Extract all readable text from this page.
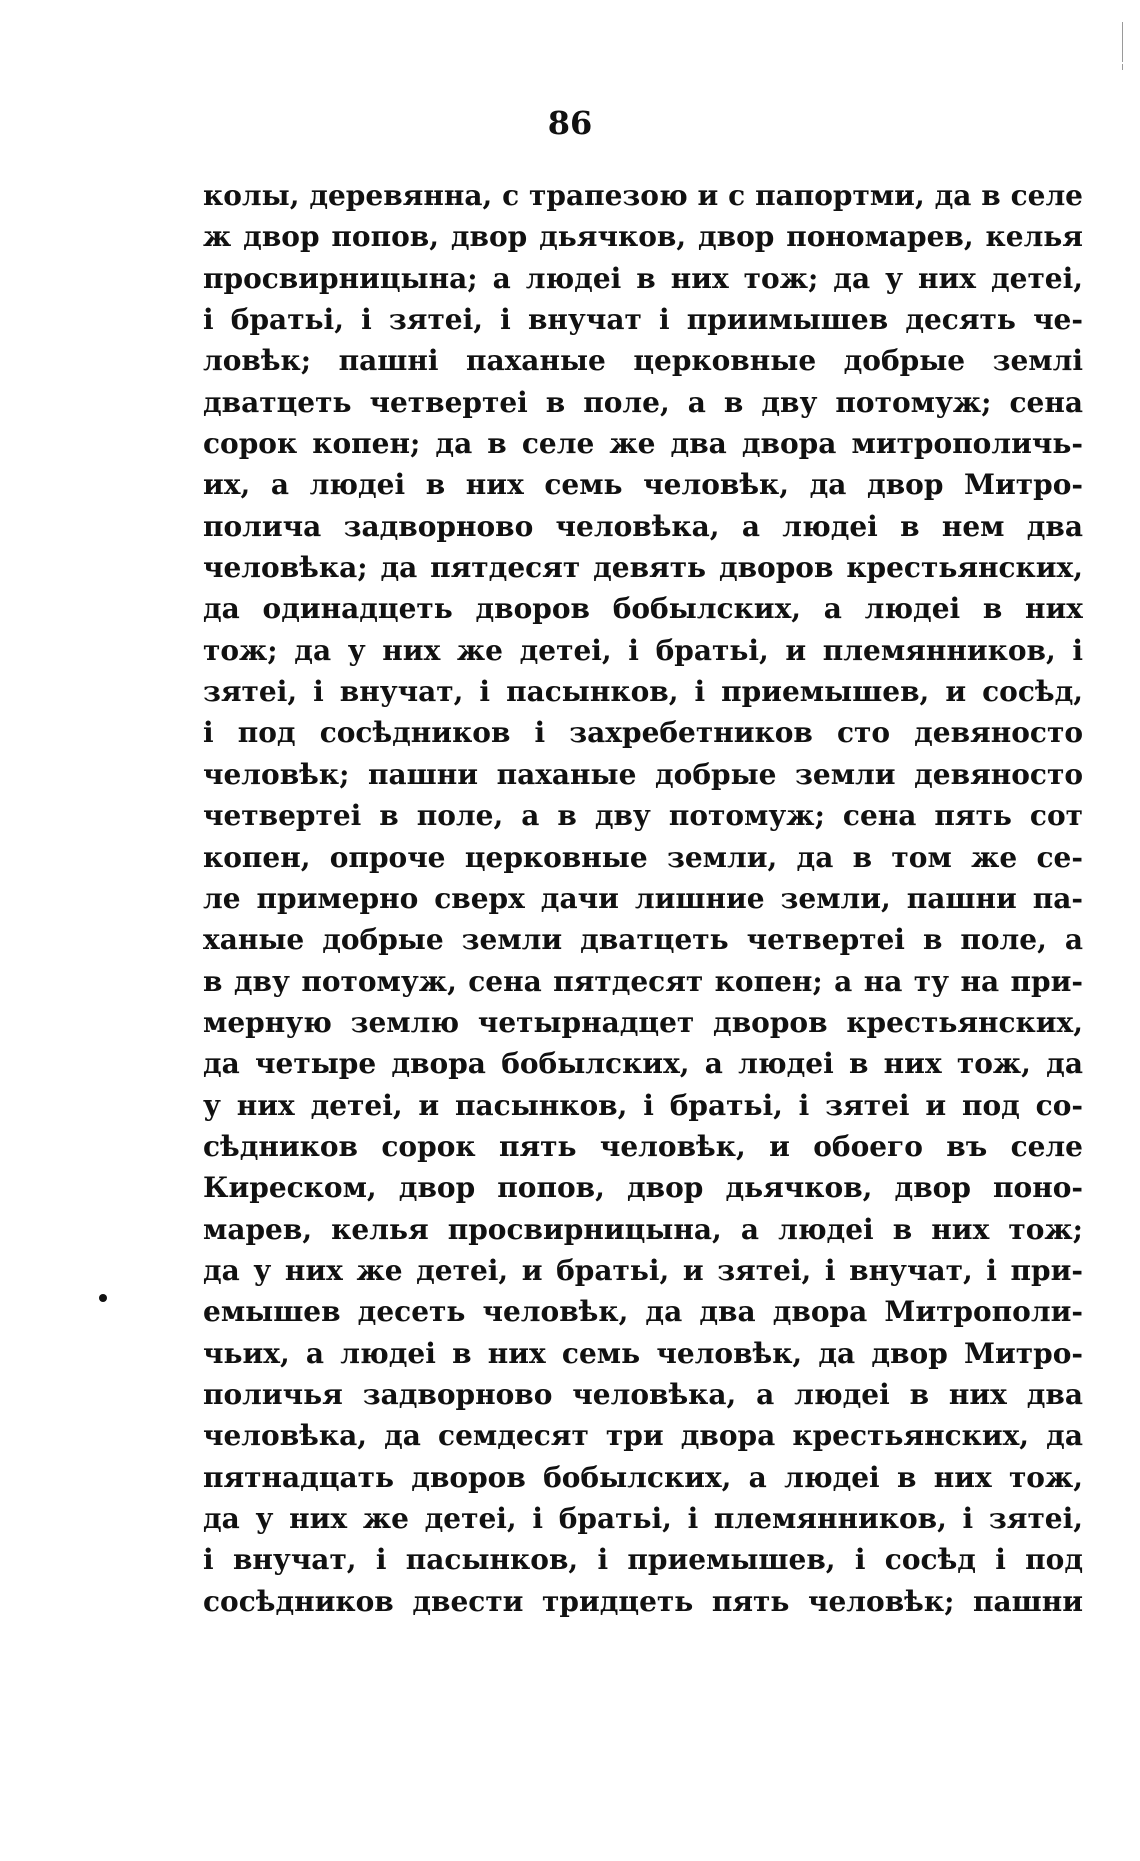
86
колы, деревянна, с трапезою и с папортми, да в селе
ж двор попов, двор дьячков, двор пономарев, келья
просвирницына; а людеі в них тож; да у них детеі,
і братьі, і зятеі, і внучат і приимышев десять че-
ловѣк; пашні паханые церковные добрые землі
дватцеть четвертеі в поле, а в дву потомуж; сена
сорок копен; да в селе же два двора митрополичь-
их, а людеі в них семь человѣк, да двор Митро-
полича задворново человѣка, а людеі в нем два
человѣка; да пятдесят девять дворов крестьянских,
да одинадцеть дворов бобылских, а людеі в них
тож; да у них же детеі, і братьі, и племянников, і
зятеі, і внучат, і пасынков, і приемышев, и сосѣд,
і под сосѣдников і захребетников сто девяносто
человѣк; пашни паханые добрые земли девяносто
четвертеі в поле, а в дву потомуж; сена пять сот
копен, опроче церковные земли, да в том же се-
ле примерно сверх дачи лишние земли, пашни па-
ханые добрые земли дватцеть четвертеі в поле, а
в дву потомуж, сена пятдесят копен; а на ту на при-
мерную землю четырнадцет дворов крестьянских,
да четыре двора бобылских, а людеі в них тож, да
у них детеі, и пасынков, і братьі, і зятеі и под со-
сѣдников сорок пять человѣк, и обоего въ селе
Киреcком, двор попов, двор дьячков, двор поно-
марев, келья просвирницына, а людеі в них тож;
да у них же детеі, и братьі, и зятеі, і внучат, і при-
емышев десеть человѣк, да два двора Митрополи-
чьих, а людеі в них семь человѣк, да двор Митро-
поличья задворново человѣка, а людеі в них два
человѣка, да семдесят три двора крестьянских, да
пятнадцать дворов бобылских, а людеі в них тож,
да у них же детеі, і братьі, і племянников, і зятеі,
і внучат, і пасынков, і приемышев, і сосѣд і под
сосѣдников двести тридцеть пять человѣк; пашни
